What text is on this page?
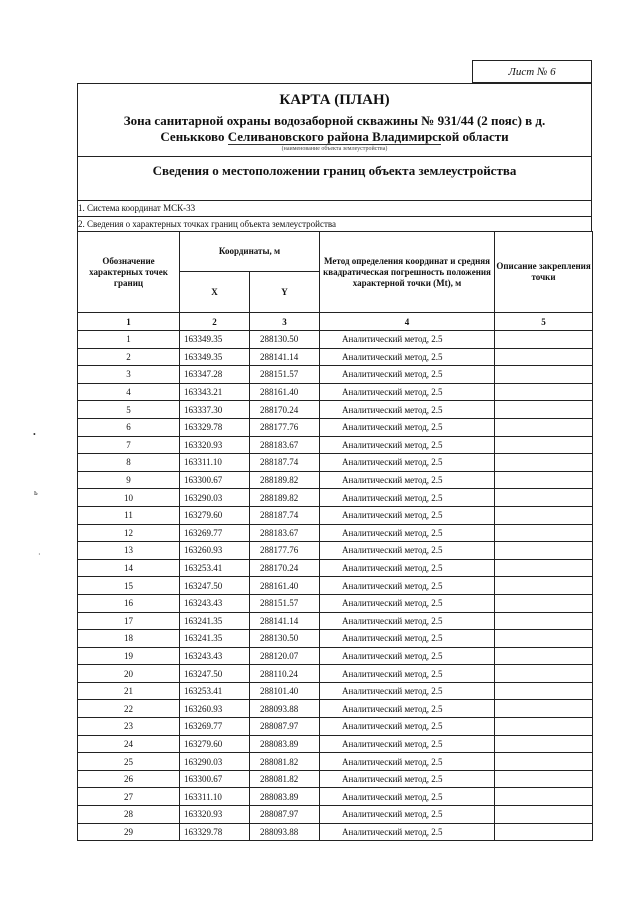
Лист № 6
КАРТА (ПЛАН)
Зона санитарной охраны водозаборной скважины № 931/44 (2 пояс) в д.
Сенькково Селивановского района Владимирской области
(наименование объекта землеустройства)
Сведения о местоположении границ объекта землеустройства
1. Система координат МСК-33
2. Сведения о характерных точках границ объекта землеустройства
Обозначение характерных точек границ	Координаты, м		Метод определения координат и средняя квадратическая погрешность положения характерной точки (Мt), м	Описание закрепления точки
	X	Y		
1	2	3	4	5
1	163349.35	288130.50	Аналитический метод, 2.5	
2	163349.35	288141.14	Аналитический метод, 2.5	
3	163347.28	288151.57	Аналитический метод, 2.5	
4	163343.21	288161.40	Аналитический метод, 2.5	
5	163337.30	288170.24	Аналитический метод, 2.5	
6	163329.78	288177.76	Аналитический метод, 2.5	
7	163320.93	288183.67	Аналитический метод, 2.5	
8	163311.10	288187.74	Аналитический метод, 2.5	
9	163300.67	288189.82	Аналитический метод, 2.5	
10	163290.03	288189.82	Аналитический метод, 2.5	
11	163279.60	288187.74	Аналитический метод, 2.5	
12	163269.77	288183.67	Аналитический метод, 2.5	
13	163260.93	288177.76	Аналитический метод, 2.5	
14	163253.41	288170.24	Аналитический метод, 2.5	
15	163247.50	288161.40	Аналитический метод, 2.5	
16	163243.43	288151.57	Аналитический метод, 2.5	
17	163241.35	288141.14	Аналитический метод, 2.5	
18	163241.35	288130.50	Аналитический метод, 2.5	
19	163243.43	288120.07	Аналитический метод, 2.5	
20	163247.50	288110.24	Аналитический метод, 2.5	
21	163253.41	288101.40	Аналитический метод, 2.5	
22	163260.93	288093.88	Аналитический метод, 2.5	
23	163269.77	288087.97	Аналитический метод, 2.5	
24	163279.60	288083.89	Аналитический метод, 2.5	
25	163290.03	288081.82	Аналитический метод, 2.5	
26	163300.67	288081.82	Аналитический метод, 2.5	
27	163311.10	288083.89	Аналитический метод, 2.5	
28	163320.93	288087.97	Аналитический метод, 2.5	
29	163329.78	288093.88	Аналитический метод, 2.5	
•
ь
·
